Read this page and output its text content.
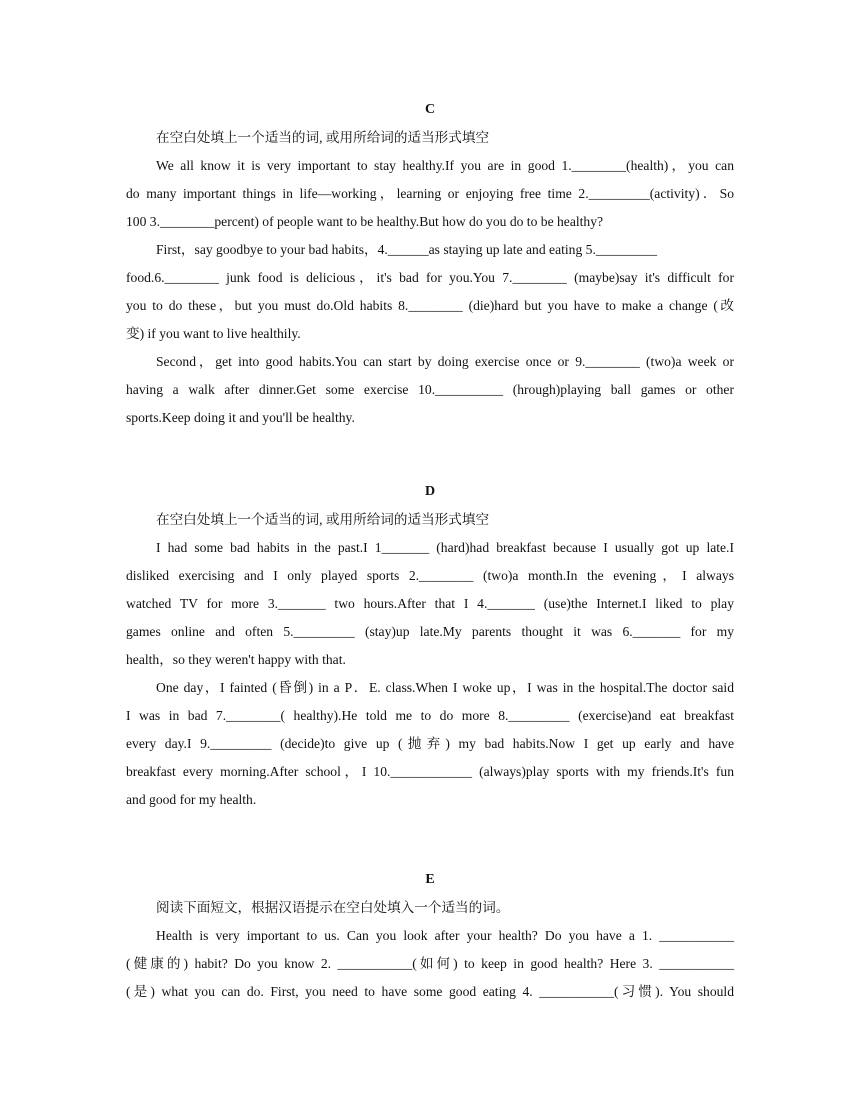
C
在空白处填上一个适当的词, 或用所给词的适当形式填空
We all know it is very important to stay healthy.If you are in good 1.________(health)，you can
do many important things in life—working，learning or enjoying free time 2._________(activity)．So
100 3.________percent) of people want to be healthy.But how do you do to be healthy?
First，say goodbye to your bad habits，4.______as staying up late and eating 5._________
food.6.________ junk food is delicious，it's bad for you.You 7.________ (maybe)say it's difficult for
you to do these，but you must do.Old habits 8.________ (die)hard but you have to make a change (改
变) if you want to live healthily.
Second，get into good habits.You can start by doing exercise once or 9.________ (two)a week or
having a walk after dinner.Get some exercise 10.__________ (hrough)playing ball games or other
sports.Keep doing it and you'll be healthy.
D
在空白处填上一个适当的词, 或用所给词的适当形式填空
I had some bad habits in the past.I 1_______ (hard)had breakfast because I usually got up late.I
disliked exercising and I only played sports 2.________ (two)a month.In the evening，I always
watched TV for more 3._______ two hours.After that I 4._______ (use)the Internet.I liked to play
games online and often 5._________ (stay)up late.My parents thought it was 6._______ for my
health，so they weren't happy with that.
One day，I fainted (昏倒) in a P．E. class.When I woke up，I was in the hospital.The doctor said
I was in bad 7.________( healthy).He told me to do more 8._________ (exercise)and eat breakfast
every day.I 9._________ (decide)to give up (抛弃) my bad habits.Now I get up early and have
breakfast every morning.After school，I 10.____________ (always)play sports with my friends.It's fun
and good for my health.
E
阅读下面短文，根据汉语提示在空白处填入一个适当的词。
Health is very important to us. Can you look after your health? Do you have a 1. ___________
(健康的) habit? Do you know 2. ___________(如何) to keep in good health? Here 3. ___________
(是) what you can do. First, you need to have some good eating 4. ___________(习惯). You should
